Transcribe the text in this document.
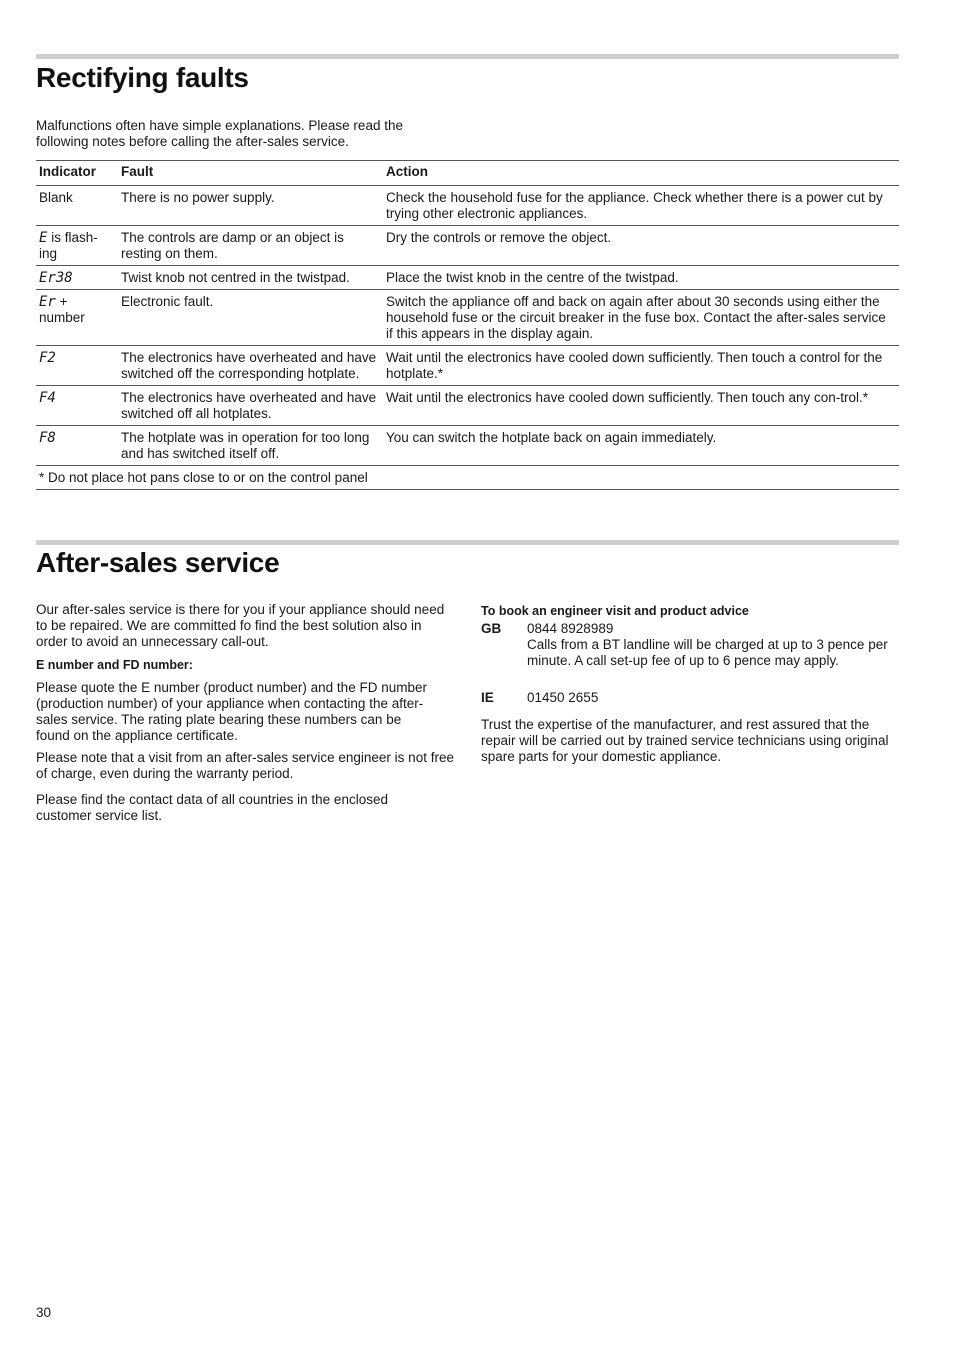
Rectifying faults

Malfunctions often have simple explanations. Please read the following notes before calling the after-sales service.

Indicator	Fault	Action
Blank	There is no power supply.	Check the household fuse for the appliance. Check whether there is a power cut by trying other electronic appliances.
E is flash-ing	The controls are damp or an object is resting on them.	Dry the controls or remove the object.
Er38	Twist knob not centred in the twistpad.	Place the twist knob in the centre of the twistpad.
Er + number	Electronic fault.	Switch the appliance off and back on again after about 30 seconds using either the household fuse or the circuit breaker in the fuse box. Contact the after-sales service if this appears in the display again.
F2	The electronics have overheated and have switched off the corresponding hotplate.	Wait until the electronics have cooled down sufficiently. Then touch a control for the hotplate.*
F4	The electronics have overheated and have switched off all hotplates.	Wait until the electronics have cooled down sufficiently. Then touch any con-trol.*
F8	The hotplate was in operation for too long and has switched itself off.	You can switch the hotplate back on again immediately.
* Do not place hot pans close to or on the control panel		
After-sales service

Our after-sales service is there for you if your appliance should need to be repaired. We are committed fo find the best solution also in order to avoid an unnecessary call-out.

E number and FD number:

Please quote the E number (product number) and the FD number (production number) of your appliance when contacting the after-sales service. The rating plate bearing these numbers can be found on the appliance certificate.

Please note that a visit from an after-sales service engineer is not free of charge, even during the warranty period.

Please find the contact data of all countries in the enclosed customer service list.

To book an engineer visit and product advice

GB 0844 8928989
Calls from a BT landline will be charged at up to 3 pence per minute. A call set-up fee of up to 6 pence may apply.
IE 01450 2655

Trust the expertise of the manufacturer, and rest assured that the repair will be carried out by trained service technicians using original spare parts for your domestic appliance.

30
